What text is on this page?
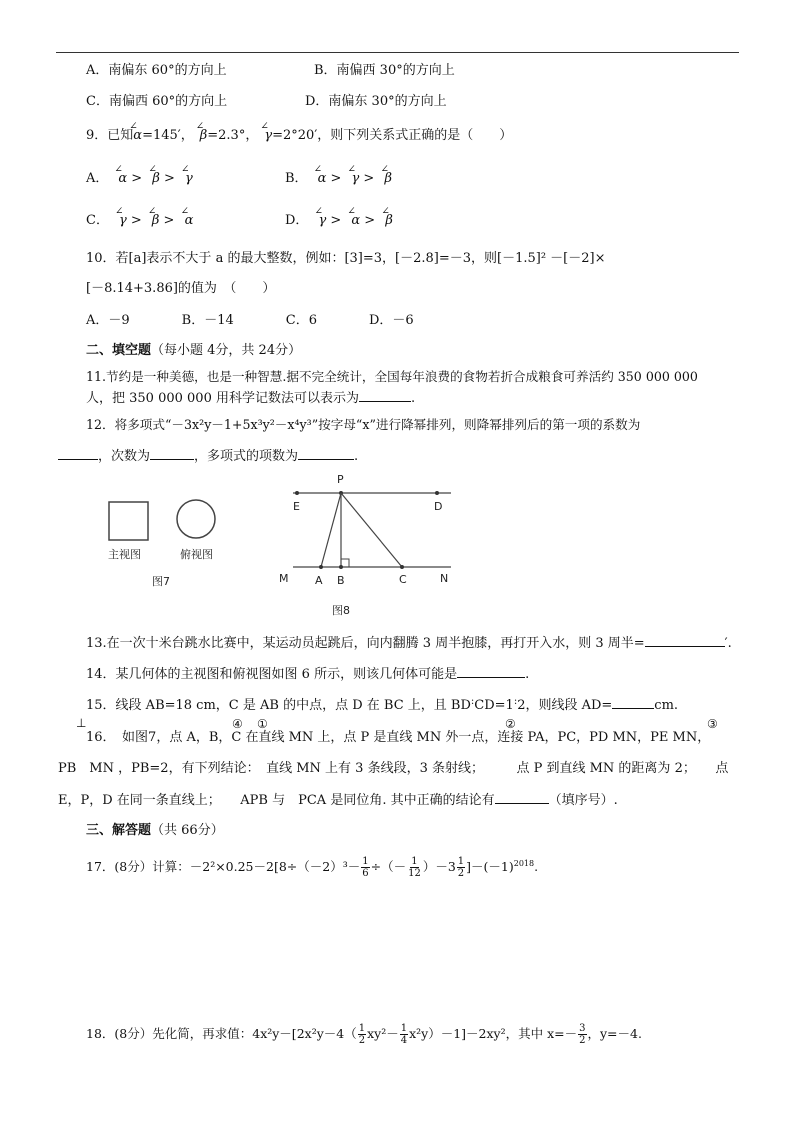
A．南偏东 60°的方向上	B．南偏西 30°的方向上
C．南偏西 60°的方向上	D．南偏东 30°的方向上
9．已知
∠
α=145′，
∠
β=2.3°，
∠
γ=2°20′，则下列关系式正确的是（　　）
A．
∠
α >
∠
β >
∠
γ	B．
∠
α >
∠
γ >
∠
β
C．
∠
γ >
∠
β >
∠
α	D．
∠
γ >
∠
α >
∠
β
10．若[a]表示不大于 a 的最大整数，例如：[3]=3，[－2.8]=－3，则[－1.5]² －[－2]×
[－8.14+3.86]的值为　（　　）
A．－9　　　　B．－14　　　　C．6　　　　D．－6
二、填空题（每小题 4分，共 24分）
11.节约是一种美德，也是一种智慧.据不完全统计，全国每年浪费的食物若折合成粮食可养活约 350 000 000
人，把 350 000 000 用科学记数法可以表示为	.
12．将多项式“－3x²y－1+5x³y²－x⁴y³”按字母“x”进行降幂排列，则降幂排列后的第一项的系数为
，次数为	，多项式的项数为	.
主视图	俯视图
图7
P
E	D
M A B	C	N
图8
13.在一次十米台跳水比赛中，某运动员起跳后，向内翻腾 3 周半抱膝，再打开入水，则 3 周半=	′.
14．某几何体的主视图和俯视图如图 6 所示，则该几何体可能是	.
15．线段 AB=18 cm，C 是 AB 的中点，点 D 在 BC 上，且 BD:CD=1:2，则线段 AD=	cm.
⊥	④ ①	②	③
16．　如图7，点 A，B，C 在直线 MN 上，点 P 是直线 MN 外一点，连接 PA，PC，PD MN，PE MN，
PB　MN ，PB=2，有下列结论：　直线 MN 上有 3 条线段，3 条射线；　　　点 P 到直线 MN 的距离为 2；　　点
E，P，D 在同一条直线上；　　APB 与　PCA 是同位角. 其中正确的结论有	（填序号）.
三、解答题（共 66分）
17．(8分）计算：$-2^2\times 0.25-2[8\div(-2)^3- \frac{1}{6}$ ÷（－ $\frac{1}{12} )-3 \frac{1}{2} ]-(-1)^{2018}$.
18．(8分）先化简，再求值：$4x^2y-[2x^2y-4( \frac{1}{2} xy^2- \frac{1}{4} x^2y)-1]-2xy^2$，其中 $x=- \frac{3}{2}$ ，y=－4.
